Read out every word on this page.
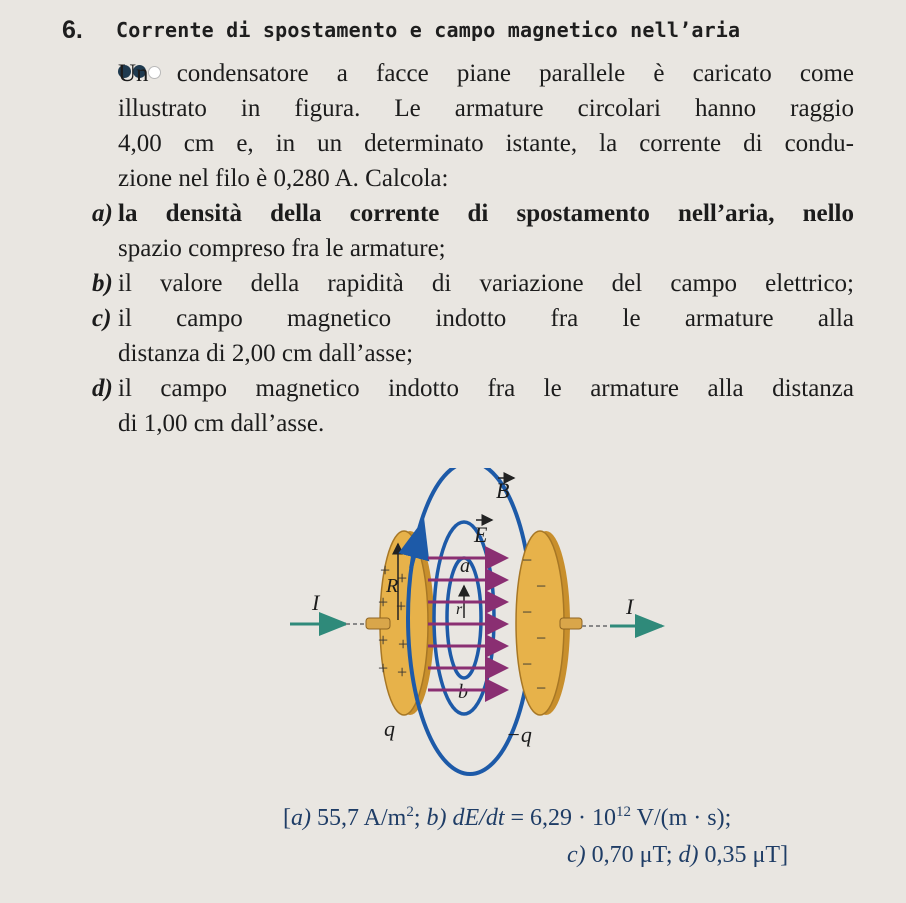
6. Corrente di spostamento e campo magnetico nell’aria
Un condensatore a facce piane parallele è caricato come
illustrato in figura. Le armature circolari hanno raggio
4,00 cm e, in un determinato istante, la corrente di condu-
zione nel filo è 0,280 A. Calcola:
a) la densità della corrente di spostamento nell’aria, nello
spazio compreso fra le armature;
b) il valore della rapidità di variazione del campo elettrico;
c) il campo magnetico indotto fra le armature alla
distanza di 2,00 cm dall’asse;
d) il campo magnetico indotto fra le armature alla distanza
di 1,00 cm dall’asse.
I
+ +
+ +
+ +
+ +
R
q
B
a
b
r
E
−
−
−
−
−
−
−q
I
[a) 55,7 $A/m^2$; b) $dE/dt = 6,29 \cdot 10^{12}$ V/(m · s);
c) 0,70 μT; d) 0,35 μT]
